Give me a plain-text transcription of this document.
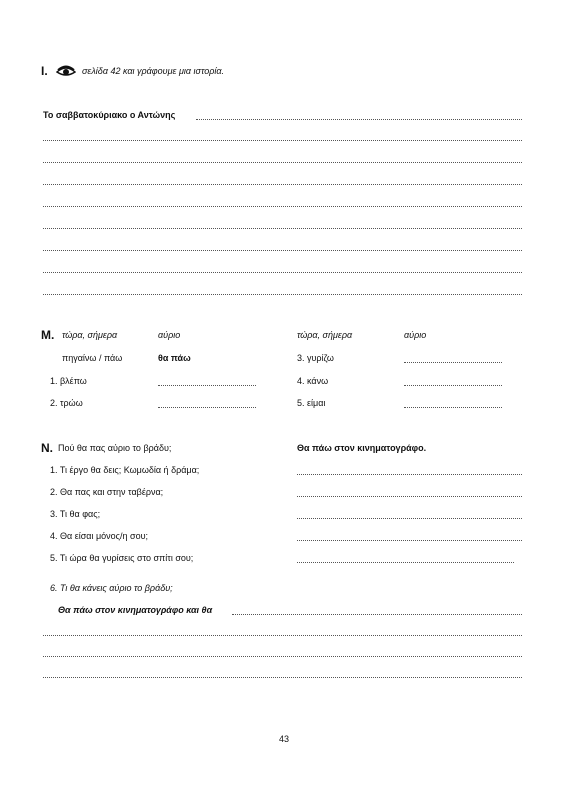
I.	σελίδα 42 και γράφουμε μια ιστορία.
Το σαββατοκύριακο ο Αντώνης
M. τώρα, σήμερα	αύριο	τώρα, σήμερα	αύριο
πηγαίνω / πάω	θα πάω
1. βλέπω
2. τρώω
3. γυρίζω
4. κάνω
5. είμαι
N. Πού θα πας αύριο το βράδυ;	Θα πάω στον κινηματογράφο.
1. Τι έργο θα δεις; Κωμωδία ή δράμα;
2. Θα πας και στην ταβέρνα;
3. Τι θα φας;
4. Θα είσαι μόνος/η σου;
5. Τι ώρα θα γυρίσεις στο σπίτι σου;
6. Τι θα κάνεις αύριο το βράδυ;
Θα πάω στον κινηματογράφο και θα
43
